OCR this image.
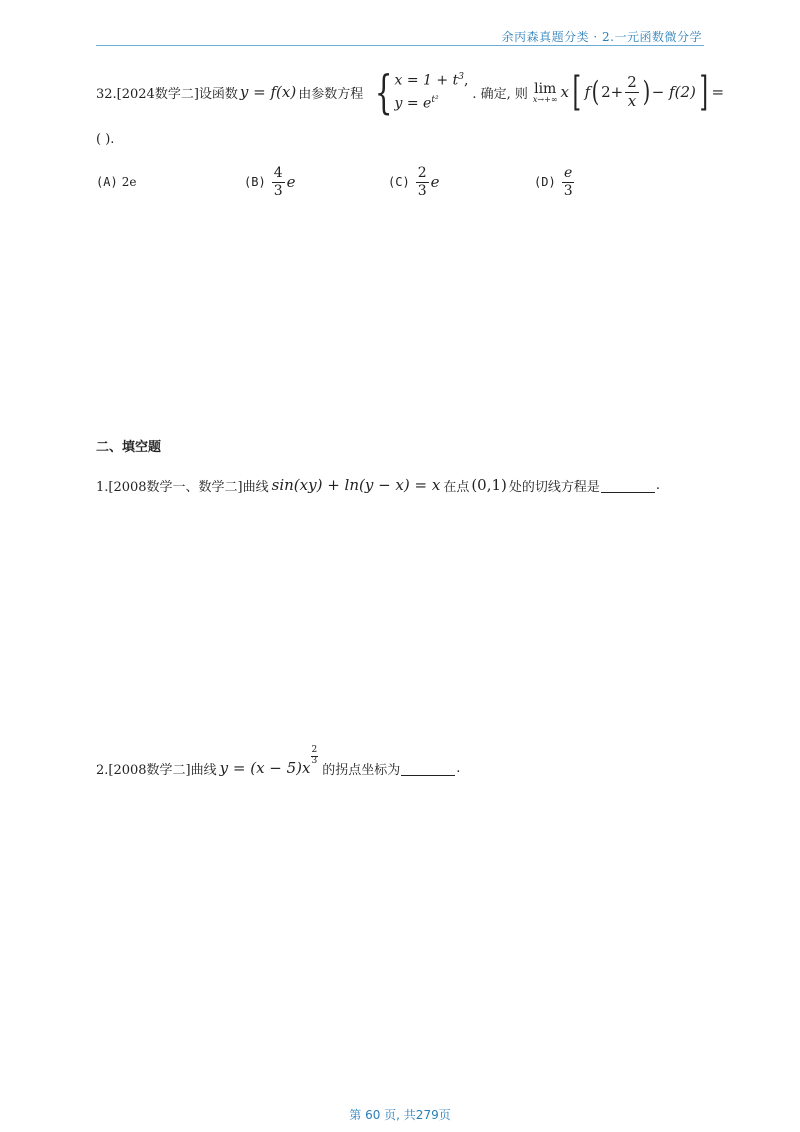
余丙森真题分类 · 2.一元函数微分学
32.[2024数学二]设函数 y = f(x) 由参数方程 { $x = 1 + t^3$,
$y = e^{t^2}$	. 确定, 则 lim
x→+∞ x [ f ( $2 + \frac{2}{x}$ ) − f(2) ] =
( ).
(A) 2e	$(B) \frac{4}{3}$ e	$(C) \frac{2}{3}$ e	$(D) \frac{e}{3}$
二、填空题
1.[2008数学一、数学二]曲线 sin(xy) + ln(y − x) = x 在点 (0,1) 处的切线方程是	.
2.[2008数学二]曲线 y = (x − 5)x
$\frac{2}{3}$
的拐点坐标为	.
第 60 页, 共279页
